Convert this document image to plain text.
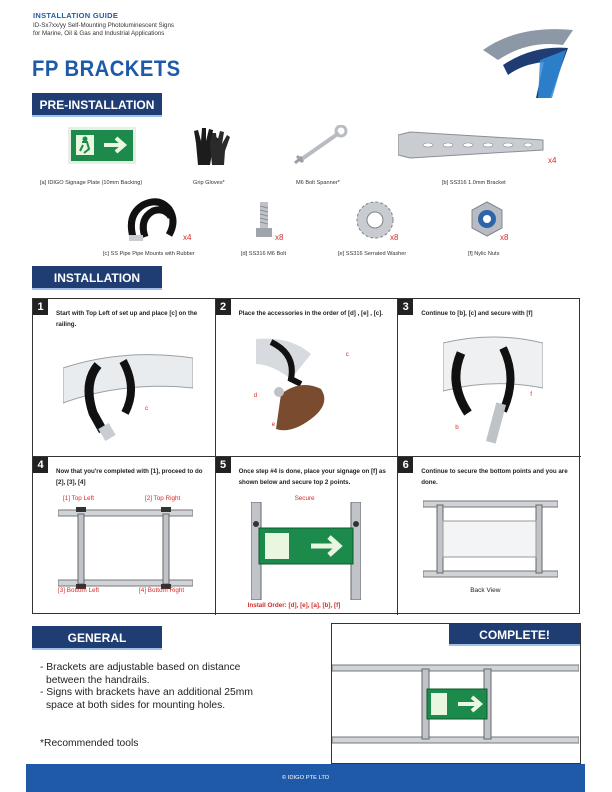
INSTALLATION GUIDE
ID-Sx7xx/yy Self-Mounting Photoluminescent Signs
for Marine, Oil & Gas and Industrial Applications
FP BRACKETS
PRE-INSTALLATION
[a] IDIGO Signage Plate (10mm Backing)	Grip Gloves*	M6 Bolt Spanner*
x4
[b] SS316 1.0mm Bracket
x4
[c] SS Pipe Pipe Mounts with Rubber
x8
[d] SS316 M6 Bolt
x8
[e] SS316 Serrated Washer
x8
[f] Nylic Nuts
INSTALLATION
1
Start with Top Left of set up and place [c] on the railing.
c
2
Place the accessories in the order of [d] , [e] , [c].
c
d
e
3
Continue to [b], [c] and secure with [f]
f
b
4
Now that you're completed with [1], proceed to do [2], [3], [4]
[1] Top Left	[2] Top Right
[3] Bottom Left	[4] Bottom Right
5
Once step #4 is done, place your signage on [f] as shown below and secure top 2 points.
Secure
Install Order: [d], [e], [a], [b], [f]
6
Continue to secure the bottom points and you are done.
Back View
GENERAL
- Brackets are adjustable based on distance
between the handrails.
- Signs with brackets have an additional 25mm
space at both sides for mounting holes.
*Recommended tools
COMPLETE!
© IDIGO PTE LTD
